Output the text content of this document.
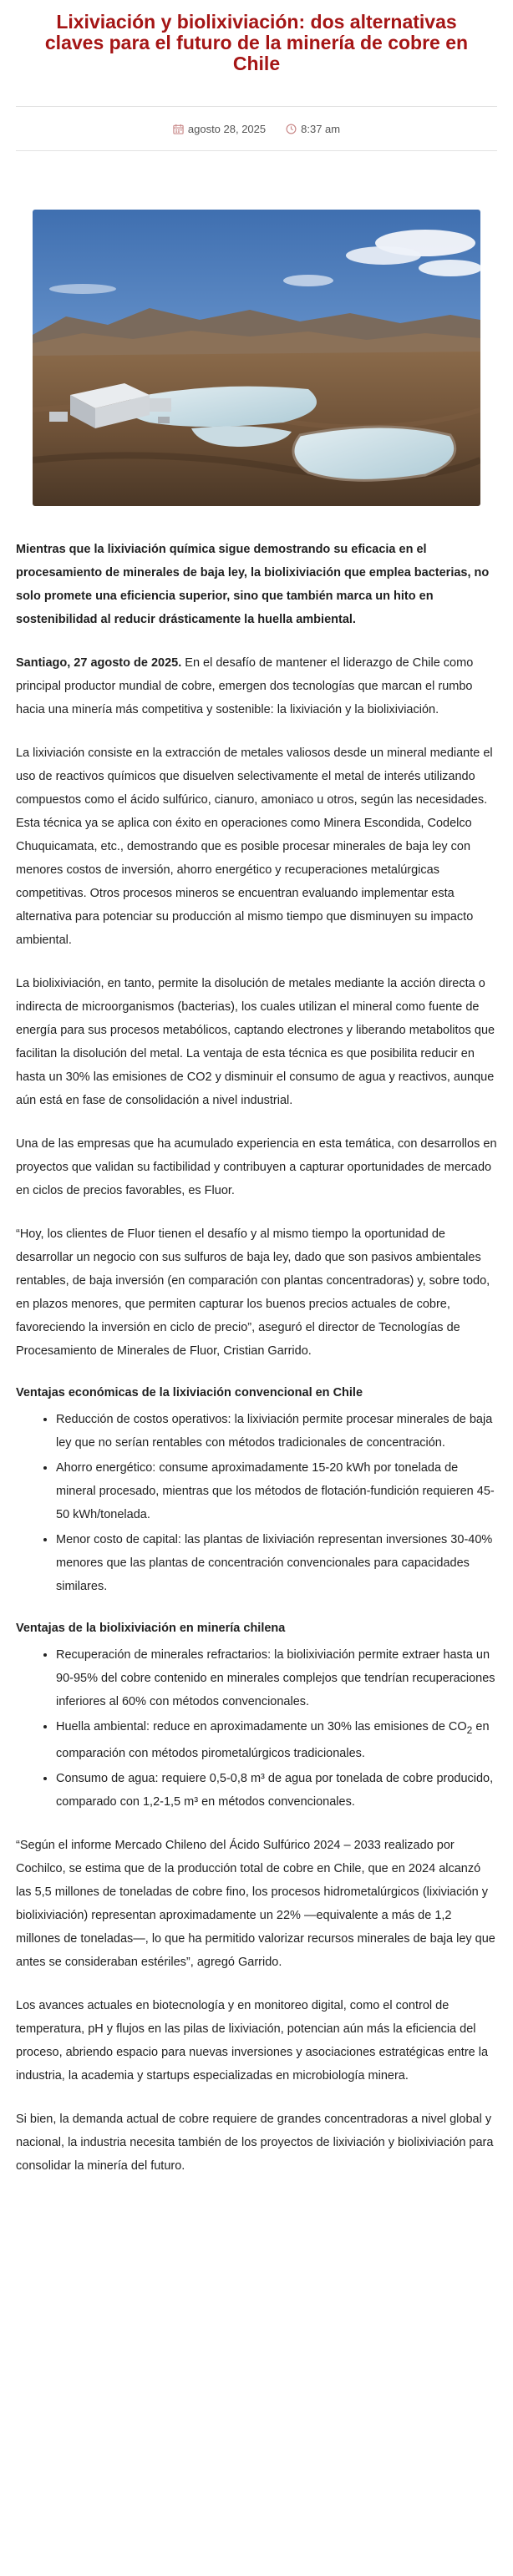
Lixiviación y biolixiviación: dos alternativas claves para el futuro de la minería de cobre en Chile
agosto 28, 2025	8:37 am

Mientras que la lixiviación química sigue demostrando su eficacia en el procesamiento de minerales de baja ley, la biolixiviación que emplea bacterias, no solo promete una eficiencia superior, sino que también marca un hito en sostenibilidad al reducir drásticamente la huella ambiental.

Santiago, 27 agosto de 2025. En el desafío de mantener el liderazgo de Chile como principal productor mundial de cobre, emergen dos tecnologías que marcan el rumbo hacia una minería más competitiva y sostenible: la lixiviación y la biolixiviación.

La lixiviación consiste en la extracción de metales valiosos desde un mineral mediante el uso de reactivos químicos que disuelven selectivamente el metal de interés utilizando compuestos como el ácido sulfúrico, cianuro, amoniaco u otros, según las necesidades. Esta técnica ya se aplica con éxito en operaciones como Minera Escondida, Codelco Chuquicamata, etc., demostrando que es posible procesar minerales de baja ley con menores costos de inversión, ahorro energético y recuperaciones metalúrgicas competitivas. Otros procesos mineros se encuentran evaluando implementar esta alternativa para potenciar su producción al mismo tiempo que disminuyen su impacto ambiental.

La biolixiviación, en tanto, permite la disolución de metales mediante la acción directa o indirecta de microorganismos (bacterias), los cuales utilizan el mineral como fuente de energía para sus procesos metabólicos, captando electrones y liberando metabolitos que facilitan la disolución del metal. La ventaja de esta técnica es que posibilita reducir en hasta un 30% las emisiones de CO2 y disminuir el consumo de agua y reactivos, aunque aún está en fase de consolidación a nivel industrial.

Una de las empresas que ha acumulado experiencia en esta temática, con desarrollos en proyectos que validan su factibilidad y contribuyen a capturar oportunidades de mercado en ciclos de precios favorables, es Fluor.

“Hoy, los clientes de Fluor tienen el desafío y al mismo tiempo la oportunidad de desarrollar un negocio con sus sulfuros de baja ley, dado que son pasivos ambientales rentables, de baja inversión (en comparación con plantas concentradoras) y, sobre todo, en plazos menores, que permiten capturar los buenos precios actuales de cobre, favoreciendo la inversión en ciclo de precio”, aseguró el director de Tecnologías de Procesamiento de Minerales de Fluor, Cristian Garrido.

Ventajas económicas de la lixiviación convencional en Chile
• Reducción de costos operativos: la lixiviación permite procesar minerales de baja ley que no serían rentables con métodos tradicionales de concentración.
• Ahorro energético: consume aproximadamente 15-20 kWh por tonelada de mineral procesado, mientras que los métodos de flotación-fundición requieren 45-50 kWh/tonelada.
• Menor costo de capital: las plantas de lixiviación representan inversiones 30-40% menores que las plantas de concentración convencionales para capacidades similares.
Ventajas de la biolixiviación en minería chilena
• Recuperación de minerales refractarios: la biolixiviación permite extraer hasta un 90-95% del cobre contenido en minerales complejos que tendrían recuperaciones inferiores al 60% con métodos convencionales.
• Huella ambiental: reduce en aproximadamente un 30% las emisiones de $CO_2$ en comparación con métodos pirometalúrgicos tradicionales.
• Consumo de agua: requiere 0,5-0,8 m³ de agua por tonelada de cobre producido, comparado con 1,2-1,5 m³ en métodos convencionales.

“Según el informe Mercado Chileno del Ácido Sulfúrico 2024 – 2033 realizado por Cochilco, se estima que de la producción total de cobre en Chile, que en 2024 alcanzó las 5,5 millones de toneladas de cobre fino, los procesos hidrometalúrgicos (lixiviación y biolixiviación) representan aproximadamente un 22% —equivalente a más de 1,2 millones de toneladas—, lo que ha permitido valorizar recursos minerales de baja ley que antes se consideraban estériles”, agregó Garrido.

Los avances actuales en biotecnología y en monitoreo digital, como el control de temperatura, pH y flujos en las pilas de lixiviación, potencian aún más la eficiencia del proceso, abriendo espacio para nuevas inversiones y asociaciones estratégicas entre la industria, la academia y startups especializadas en microbiología minera.

Si bien, la demanda actual de cobre requiere de grandes concentradoras a nivel global y nacional, la industria necesita también de los proyectos de lixiviación y biolixiviación para consolidar la minería del futuro.
